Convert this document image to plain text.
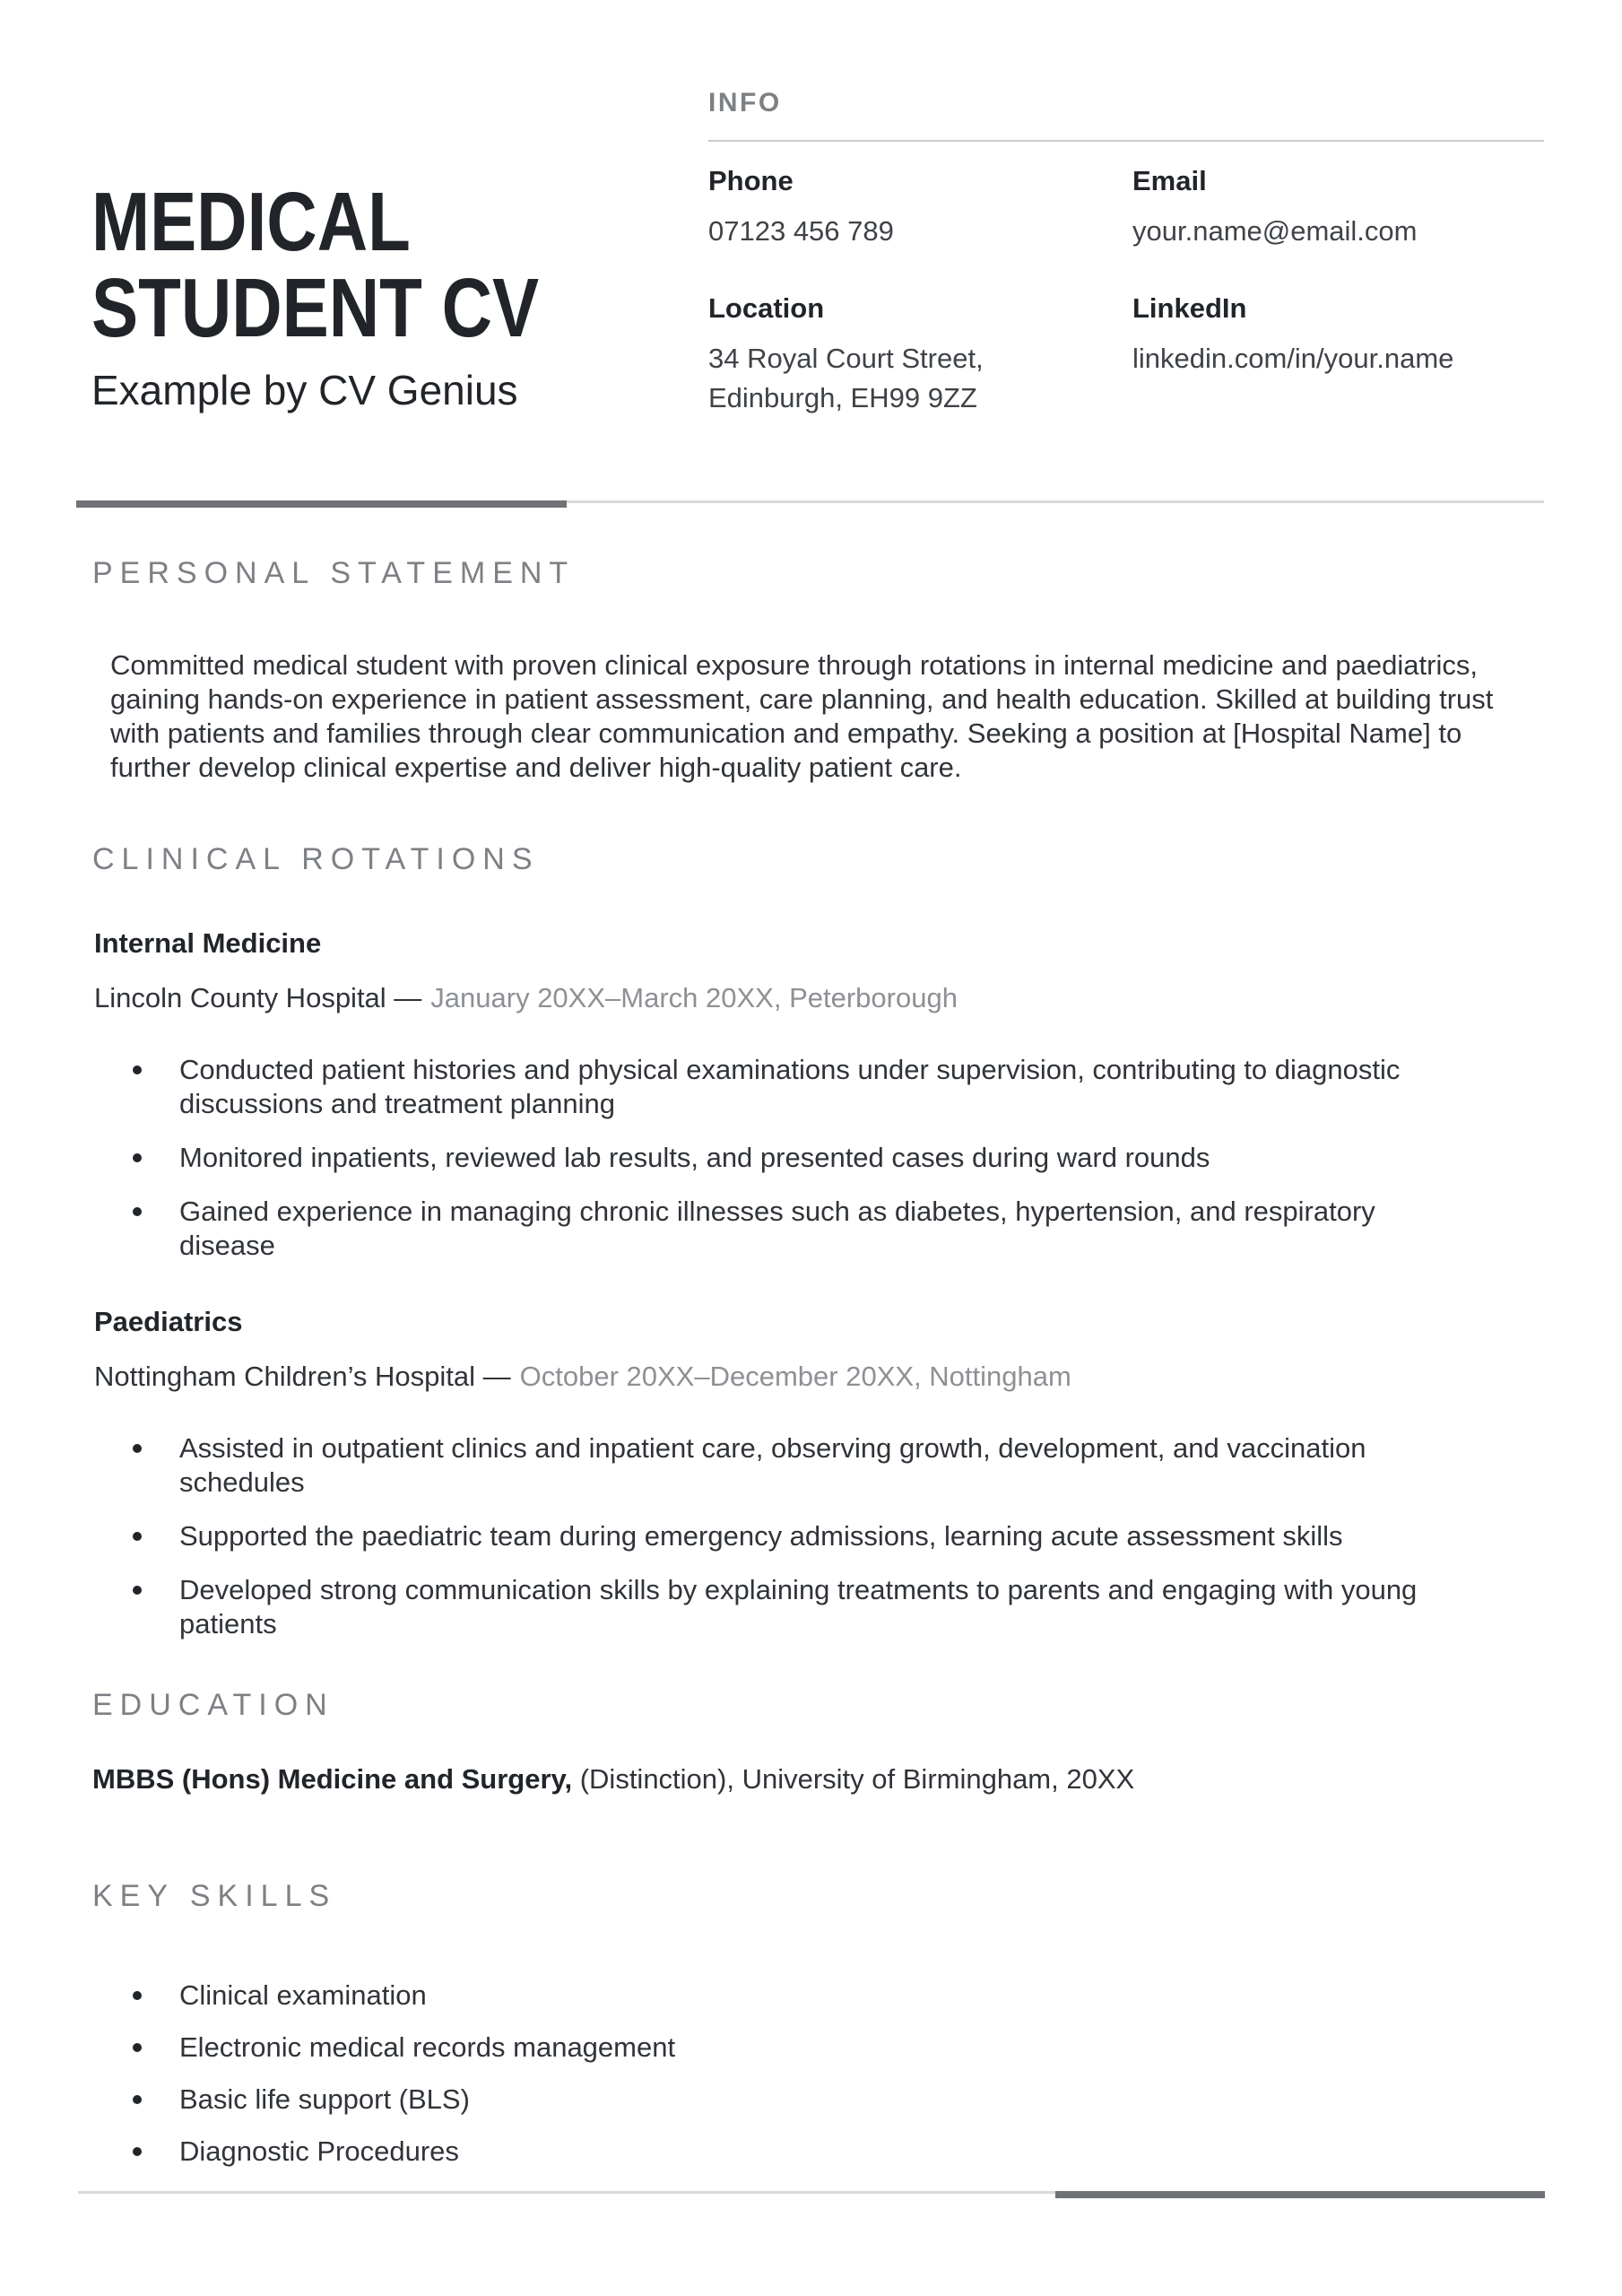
MEDICAL
STUDENT CV
Example by CV Genius
INFO
Phone
07123 456 789
Email
your.name@email.com
Location
34 Royal Court Street,
Edinburgh, EH99 9ZZ
LinkedIn
linkedin.com/in/your.name
PERSONAL STATEMENT

Committed medical student with proven clinical exposure through rotations in internal medicine and paediatrics, gaining hands-on experience in patient assessment, care planning, and health education. Skilled at building trust with patients and families through clear communication and empathy. Seeking a position at [Hospital Name] to further develop clinical expertise and deliver high-quality patient care.

CLINICAL ROTATIONS
Internal Medicine
Lincoln County Hospital — January 20XX–March 20XX, Peterborough
Conducted patient histories and physical examinations under supervision, contributing to diagnostic discussions and treatment planning
Monitored inpatients, reviewed lab results, and presented cases during ward rounds
Gained experience in managing chronic illnesses such as diabetes, hypertension, and respiratory disease
Paediatrics
Nottingham Children’s Hospital — October 20XX–December 20XX, Nottingham
Assisted in outpatient clinics and inpatient care, observing growth, development, and vaccination schedules
Supported the paediatric team during emergency admissions, learning acute assessment skills
Developed strong communication skills by explaining treatments to parents and engaging with young patients
EDUCATION
MBBS (Hons) Medicine and Surgery, (Distinction), University of Birmingham, 20XX
KEY SKILLS
Clinical examination
Electronic medical records management
Basic life support (BLS)
Diagnostic Procedures
